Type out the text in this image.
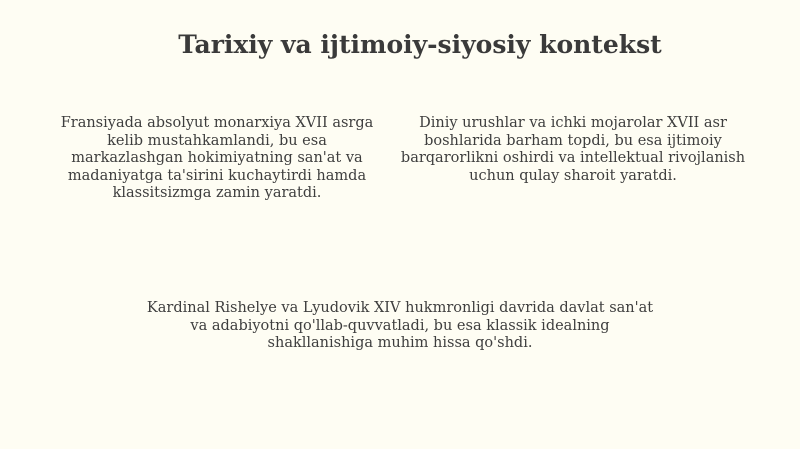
Tarixiy va ijtimoiy-siyosiy kontekst

Fransiyada absolyut monarxiya XVII asrga kelib mustahkamlandi, bu esa markazlashgan hokimiyatning san'at va madaniyatga ta'sirini kuchaytirdi hamda klassitsizmga zamin yaratdi.

Diniy urushlar va ichki mojarolar XVII asr boshlarida barham topdi, bu esa ijtimoiy barqarorlikni oshirdi va intellektual rivojlanish uchun qulay sharoit yaratdi.

Kardinal Rishelye va Lyudovik XIV hukmronligi davrida davlat san'at va adabiyotni qo'llab-quvvatladi, bu esa klassik idealning shakllanishiga muhim hissa qo'shdi.
